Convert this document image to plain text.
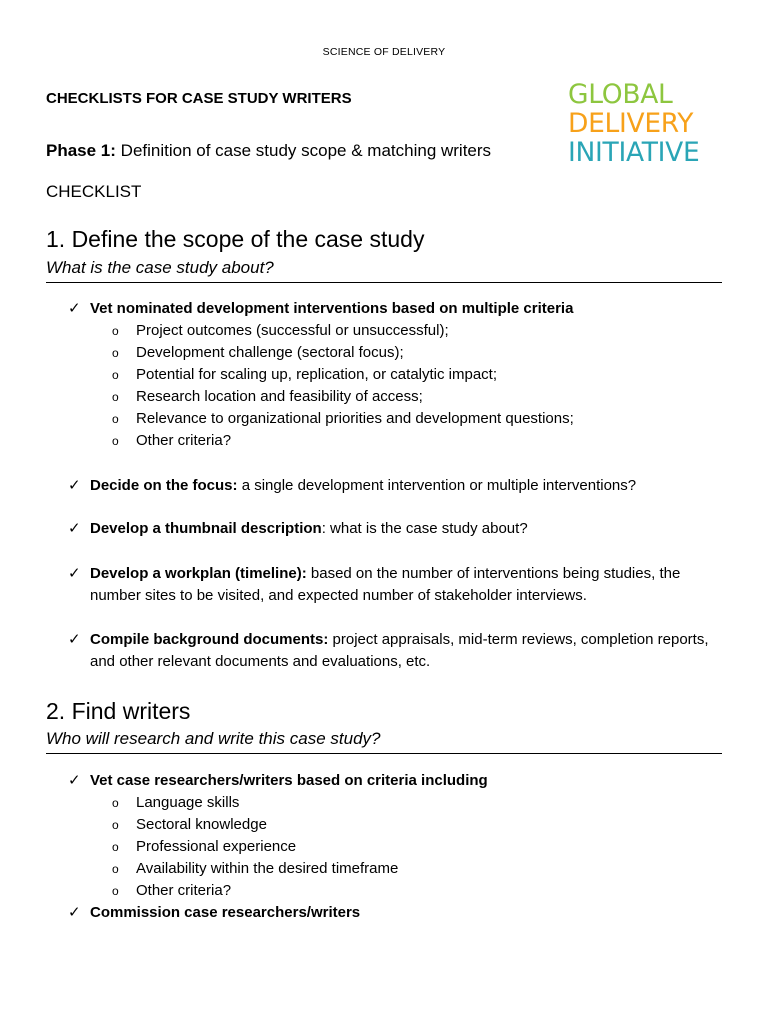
SCIENCE OF DELIVERY
GLOBAL
DELIVERY
INITIATIVE
CHECKLISTS FOR CASE STUDY WRITERS
Phase 1: Definition of case study scope & matching writers
CHECKLIST
1. Define the scope of the case study
What is the case study about?
✓ Vet nominated development interventions based on multiple criteria
o Project outcomes (successful or unsuccessful);
o Development challenge (sectoral focus);
o Potential for scaling up, replication, or catalytic impact;
o Research location and feasibility of access;
o Relevance to organizational priorities and development questions;
o Other criteria?
✓ Decide on the focus: a single development intervention or multiple interventions?
✓ Develop a thumbnail description: what is the case study about?
✓ Develop a workplan (timeline): based on the number of interventions being studies, the number sites to be visited, and expected number of stakeholder interviews.
✓ Compile background documents: project appraisals, mid-term reviews, completion reports, and other relevant documents and evaluations, etc.
2. Find writers
Who will research and write this case study?
✓ Vet case researchers/writers based on criteria including
o Language skills
o Sectoral knowledge
o Professional experience
o Availability within the desired timeframe
o Other criteria?
✓ Commission case researchers/writers
